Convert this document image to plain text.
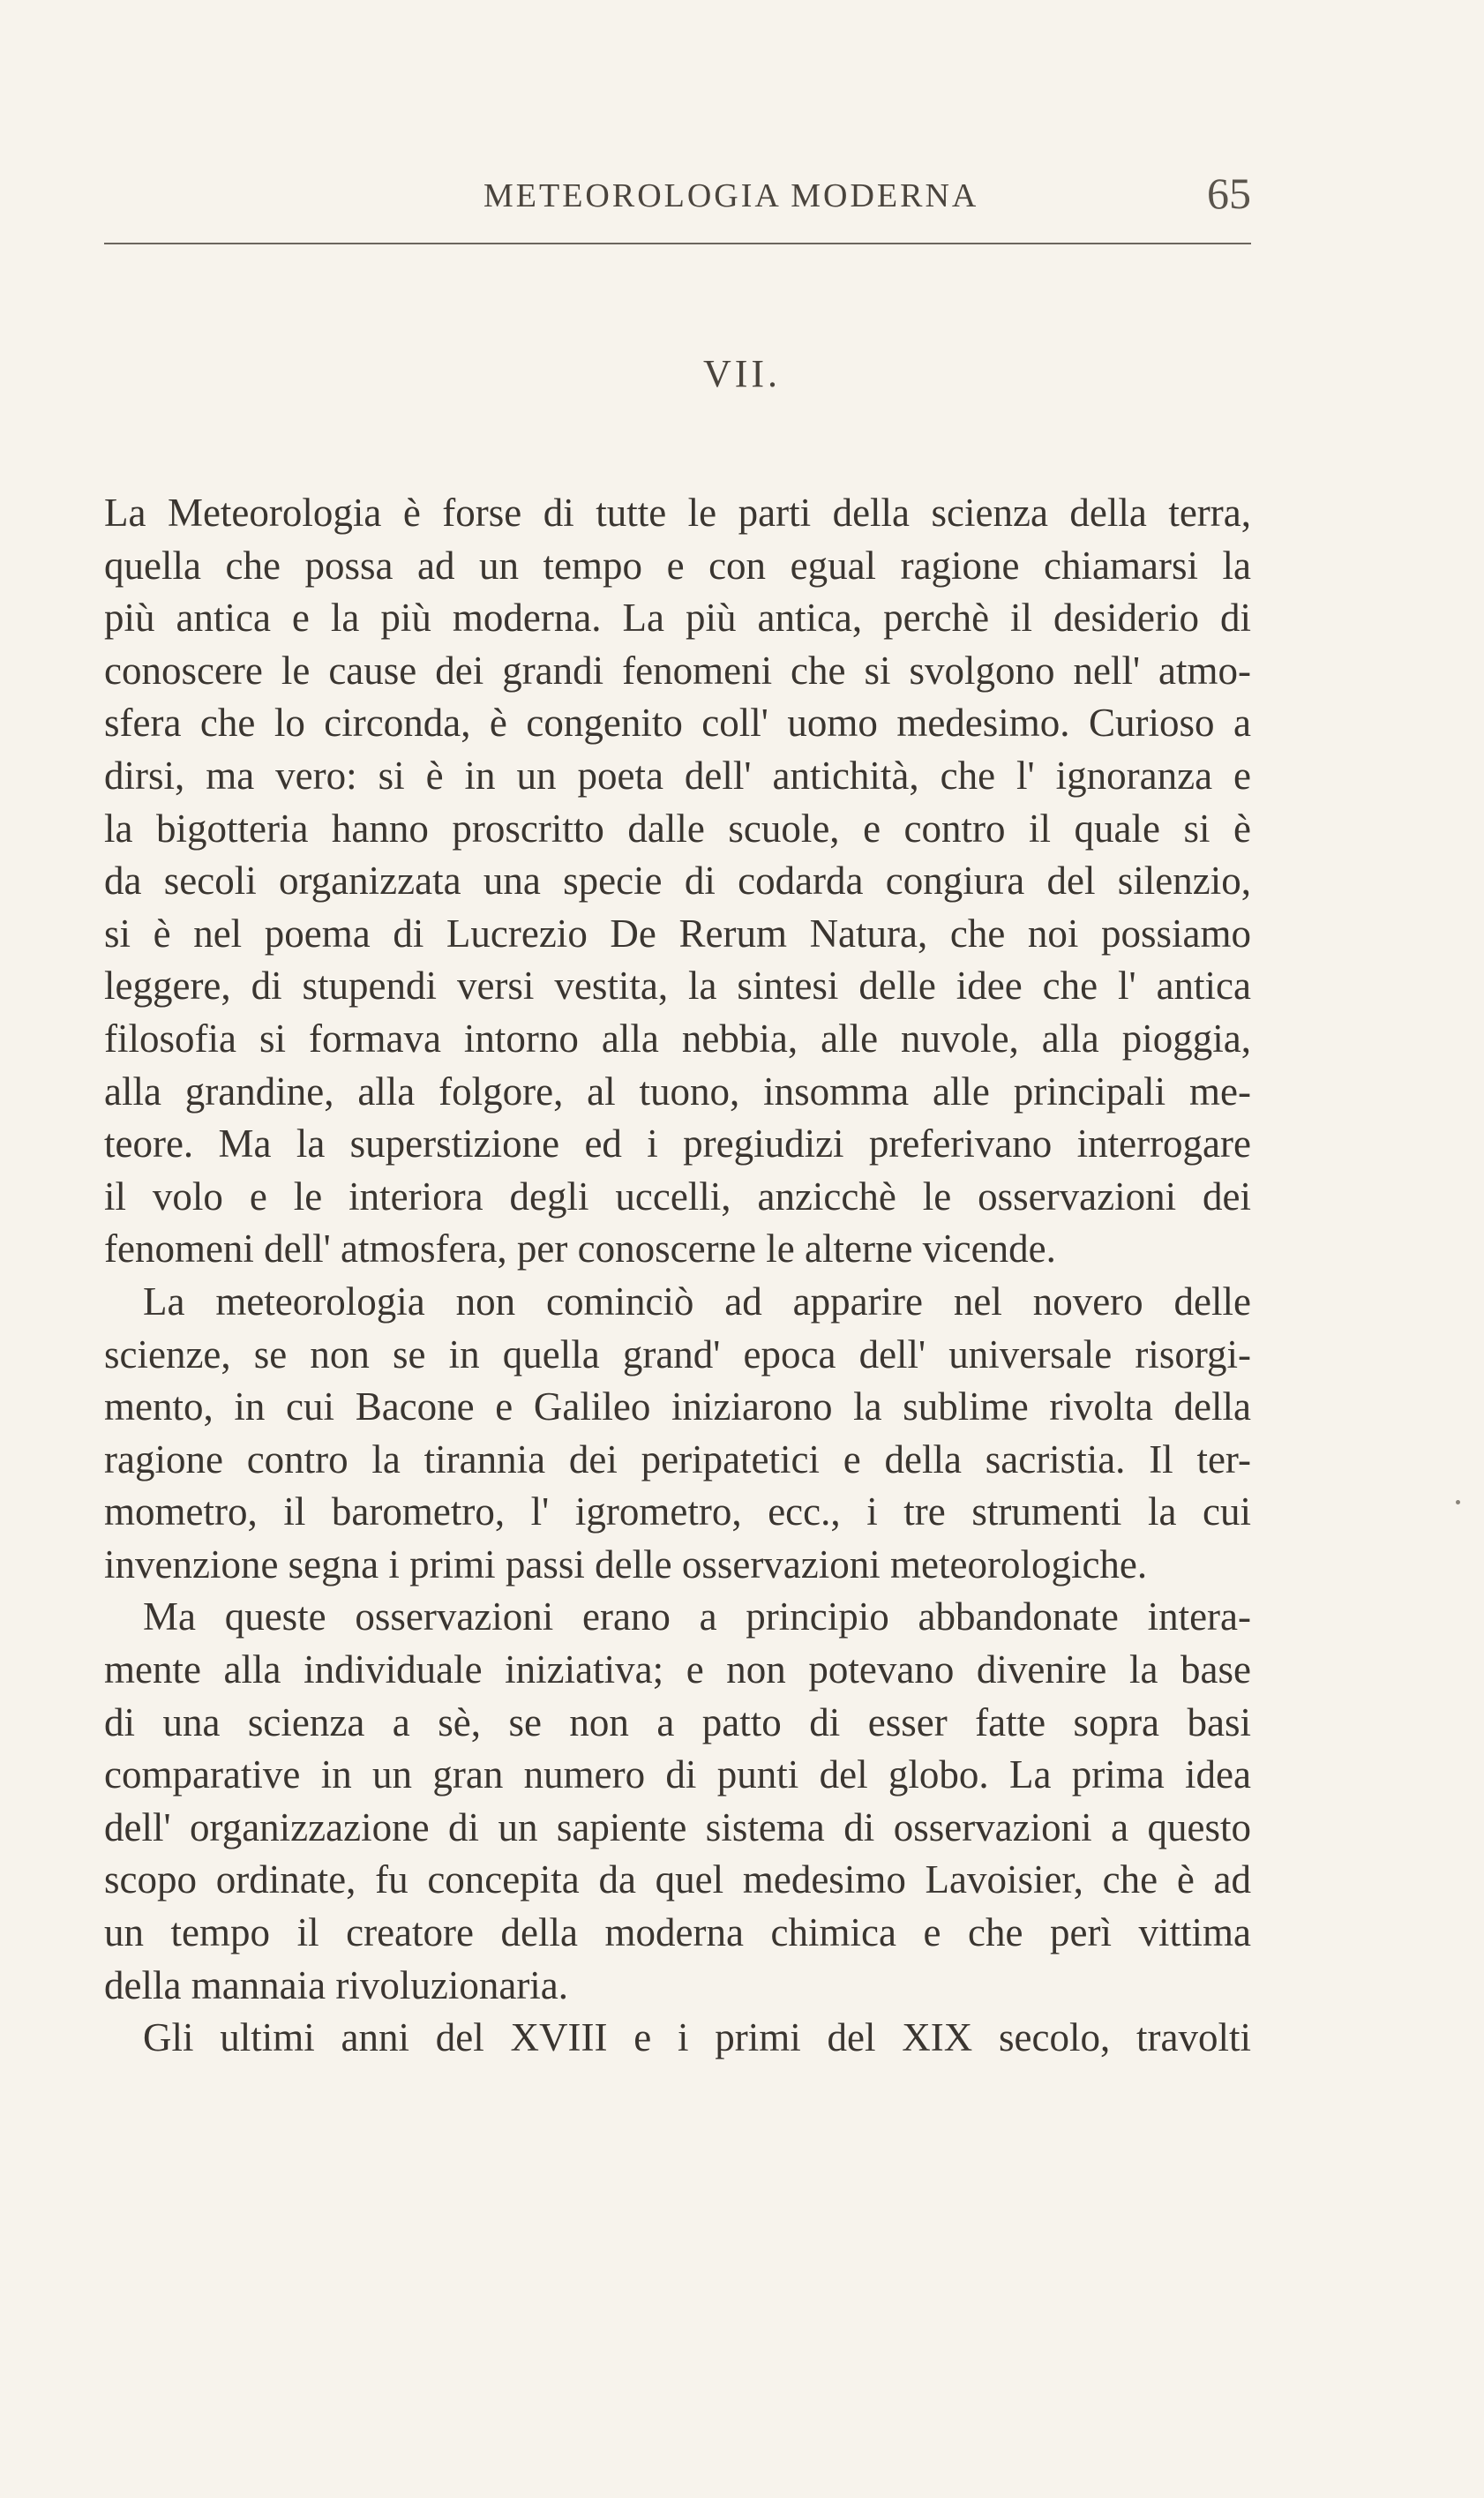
METEOROLOGIA MODERNA	65
VII.
La Meteorologia è forse di tutte le parti della scienza della terra,
quella che possa ad un tempo e con egual ragione chiamarsi la
più antica e la più moderna. La più antica, perchè il desiderio di
conoscere le cause dei grandi fenomeni che si svolgono nell' atmo-
sfera che lo circonda, è congenito coll' uomo medesimo. Curioso a
dirsi, ma vero: si è in un poeta dell' antichità, che l' ignoranza e
la bigotteria hanno proscritto dalle scuole, e contro il quale si è
da secoli organizzata una specie di codarda congiura del silenzio,
si è nel poema di Lucrezio De Rerum Natura, che noi possiamo
leggere, di stupendi versi vestita, la sintesi delle idee che l' antica
filosofia si formava intorno alla nebbia, alle nuvole, alla pioggia,
alla grandine, alla folgore, al tuono, insomma alle principali me-
teore. Ma la superstizione ed i pregiudizi preferivano interrogare
il volo e le interiora degli uccelli, anzicchè le osservazioni dei
fenomeni dell' atmosfera, per conoscerne le alterne vicende.
La meteorologia non cominciò ad apparire nel novero delle
scienze, se non se in quella grand' epoca dell' universale risorgi-
mento, in cui Bacone e Galileo iniziarono la sublime rivolta della
ragione contro la tirannia dei peripatetici e della sacristia. Il ter-
mometro, il barometro, l' igrometro, ecc., i tre strumenti la cui
invenzione segna i primi passi delle osservazioni meteorologiche.
Ma queste osservazioni erano a principio abbandonate intera-
mente alla individuale iniziativa; e non potevano divenire la base
di una scienza a sè, se non a patto di esser fatte sopra basi
comparative in un gran numero di punti del globo. La prima idea
dell' organizzazione di un sapiente sistema di osservazioni a questo
scopo ordinate, fu concepita da quel medesimo Lavoisier, che è ad
un tempo il creatore della moderna chimica e che perì vittima
della mannaia rivoluzionaria.
Gli ultimi anni del XVIII e i primi del XIX secolo, travolti
